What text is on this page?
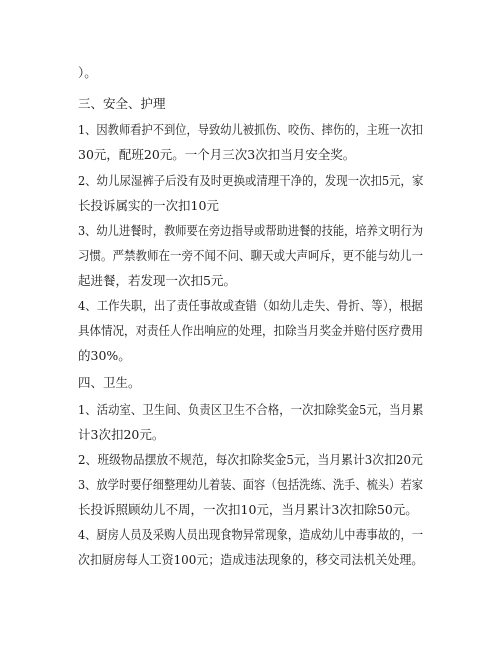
）。

三、安全、护理

1、因教师看护不到位，导致幼儿被抓伤、咬伤、摔伤的，主班一次扣

30元，配班20元。一个月三次3次扣当月安全奖。

2、幼儿尿湿裤子后没有及时更换或清理干净的，发现一次扣5元，家

长投诉属实的一次扣10元

3、幼儿进餐时，教师要在旁边指导或帮助进餐的技能，培养文明行为

习惯。严禁教师在一旁不闻不问、聊天或大声呵斥，更不能与幼儿一

起进餐，若发现一次扣5元。

4、工作失职，出了责任事故或查错（如幼儿走失、骨折、等），根据

具体情况，对责任人作出响应的处理，扣除当月奖金并赔付医疗费用

的30%。

四、卫生。

1、活动室、卫生间、负责区卫生不合格，一次扣除奖金5元，当月累

计3次扣20元。

2、班级物品摆放不规范，每次扣除奖金5元，当月累计3次扣20元

3、放学时要仔细整理幼儿着装、面容（包括洗练、洗手、梳头）若家

长投诉照顾幼儿不周，一次扣10元，当月累计3次扣除50元。

4、厨房人员及采购人员出现食物异常现象，造成幼儿中毒事故的，一

次扣厨房每人工资100元；造成违法现象的，移交司法机关处理。
